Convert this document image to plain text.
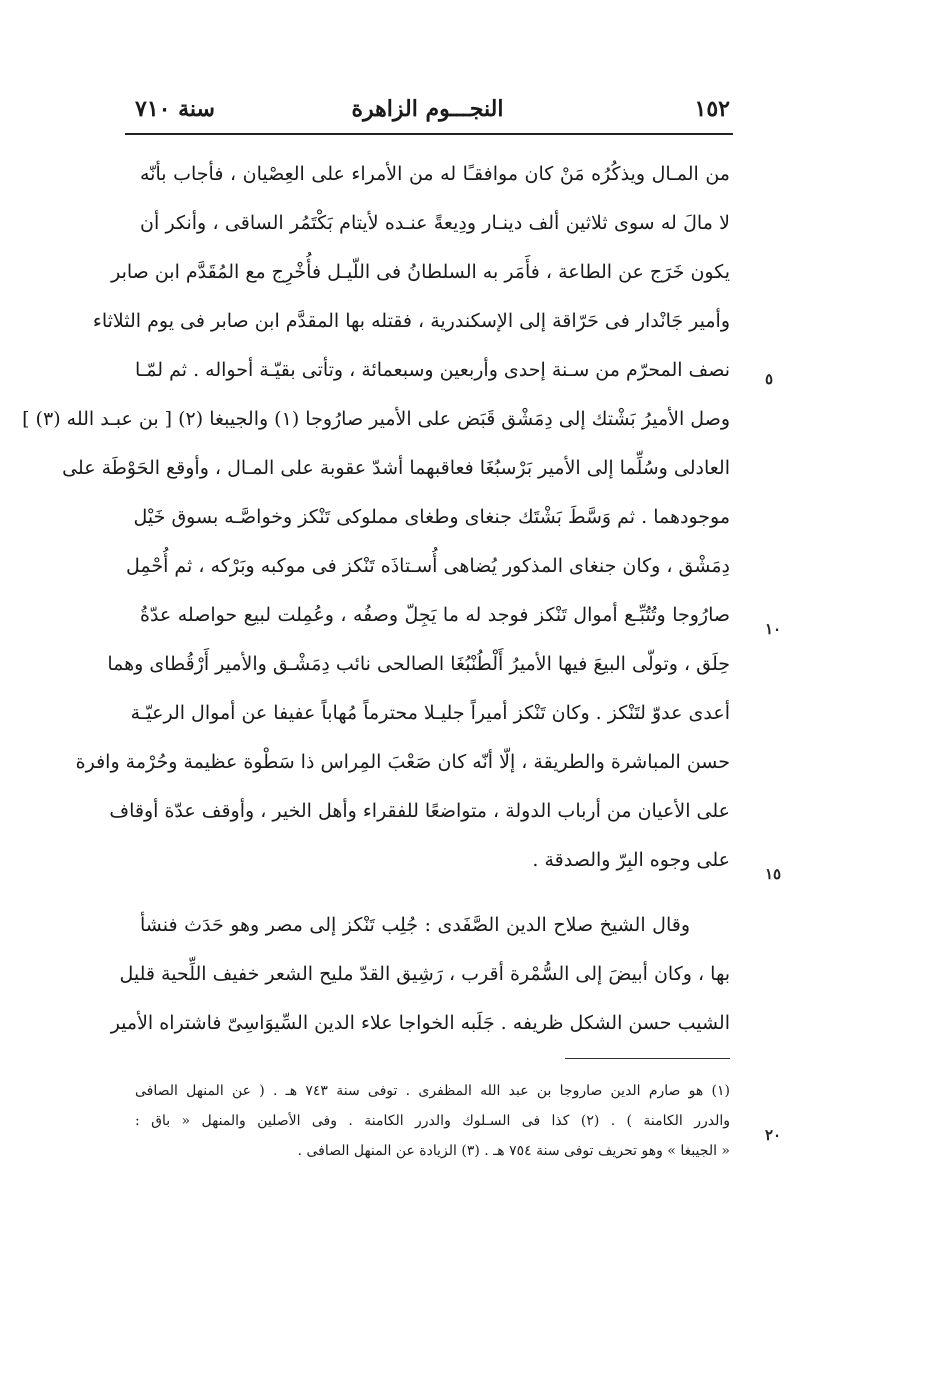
سنة ٧١٠	النجـــوم الزاهرة	١٥٢
من المـال ويذكُرُه مَنْ كان موافقـًا له من الأمراء على العِصْيان ، فأجاب بأنّه
لا مالَ له سوى ثلاثين ألف دينـار ودِيعةً عنـده لأيتام بَكْتَمُر الساقى ، وأنكر أن
يكون خَرَج عن الطاعة ، فأَمَر به السلطانُ فى اللّيـل فأُخْرِج مع المُقَدَّم ابن صابر
وأمير جَانْدار فى حَرّاقة إلى الإسكندرية ، فقتله بها المقدَّم ابن صابر فى يوم الثلاثاء
نصف المحرّم من سـنة إحدى وأربعين وسبعمائة ، وتأتى بقيّـة أحواله . ثم لمّـا
وصل الأميرُ بَشْتك إلى دِمَشْق قَبَض على الأمير صارُوجا (١) والجيبغا (٢) [ بن عبـد الله (٣) ]
العادلى وسُلِّما إلى الأمير بَرْسبُغَا فعاقبهما أشدّ عقوبة على المـال ، وأوقع الحَوْطَة على
موجودهما . ثم وَسَّطَ بَشْتَك جنغاى وطغاى مملوكى تَنْكز وخواصَّـه بسوق خَيْل
دِمَشْق ، وكان جنغاى المذكور يُضاهى أُسـتاذَه تَنْكز فى موكبه وبَرْكه ، ثم أُحْمِل
صارُوجا وتُتُبِّـع أموال تَنْكز فوجد له ما يَجِلّ وصفُه ، وعُمِلت لبيع حواصله عدّةُ
حِلَق ، وتولّى البيعَ فيها الأميرُ أَلْطُنْبُغَا الصالحى نائب دِمَشْـق والأمير أَرْقُطاى وهما
أعدى عدوّ لتَنْكز . وكان تَنْكز أميراً جليـلا محترماً مُهاباً عفيفا عن أموال الرعيّـة
حسن المباشرة والطريقة ، إلّا أنّه كان صَعْبَ المِراس ذا سَطْوة عظيمة وحُرْمة وافرة
على الأعيان من أرباب الدولة ، متواضعًا للفقراء وأهل الخير ، وأوقف عدّة أوقاف
على وجوه البِرّ والصدقة .
وقال الشيخ صلاح الدين الصَّفَدى : جُلِب تَنْكز إلى مصر وهو حَدَث فنشأ
بها ، وكان أبيضَ إلى السُّمْرة أقرب ، رَشِيق القدّ مليح الشعر خفيف اللِّحية قليل
الشيب حسن الشكل ظريفه . جَلَبه الخواجا علاء الدين السِّيوَاسِىّ فاشتراه الأمير
٥
١٠
١٥
٢٠
(١) هو صارم الدين صاروجا بن عبد الله المظفرى . توفى سنة ٧٤٣ هـ . ( عن المنهل الصافى
والدرر الكامنة ) . (٢) كذا فى السـلوك والدرر الكامنة . وفى الأصلين والمنهل « باق :
« الجيبغا » وهو تحريف توفى سنة ٧٥٤ هـ . (٣) الزيادة عن المنهل الصافى .
